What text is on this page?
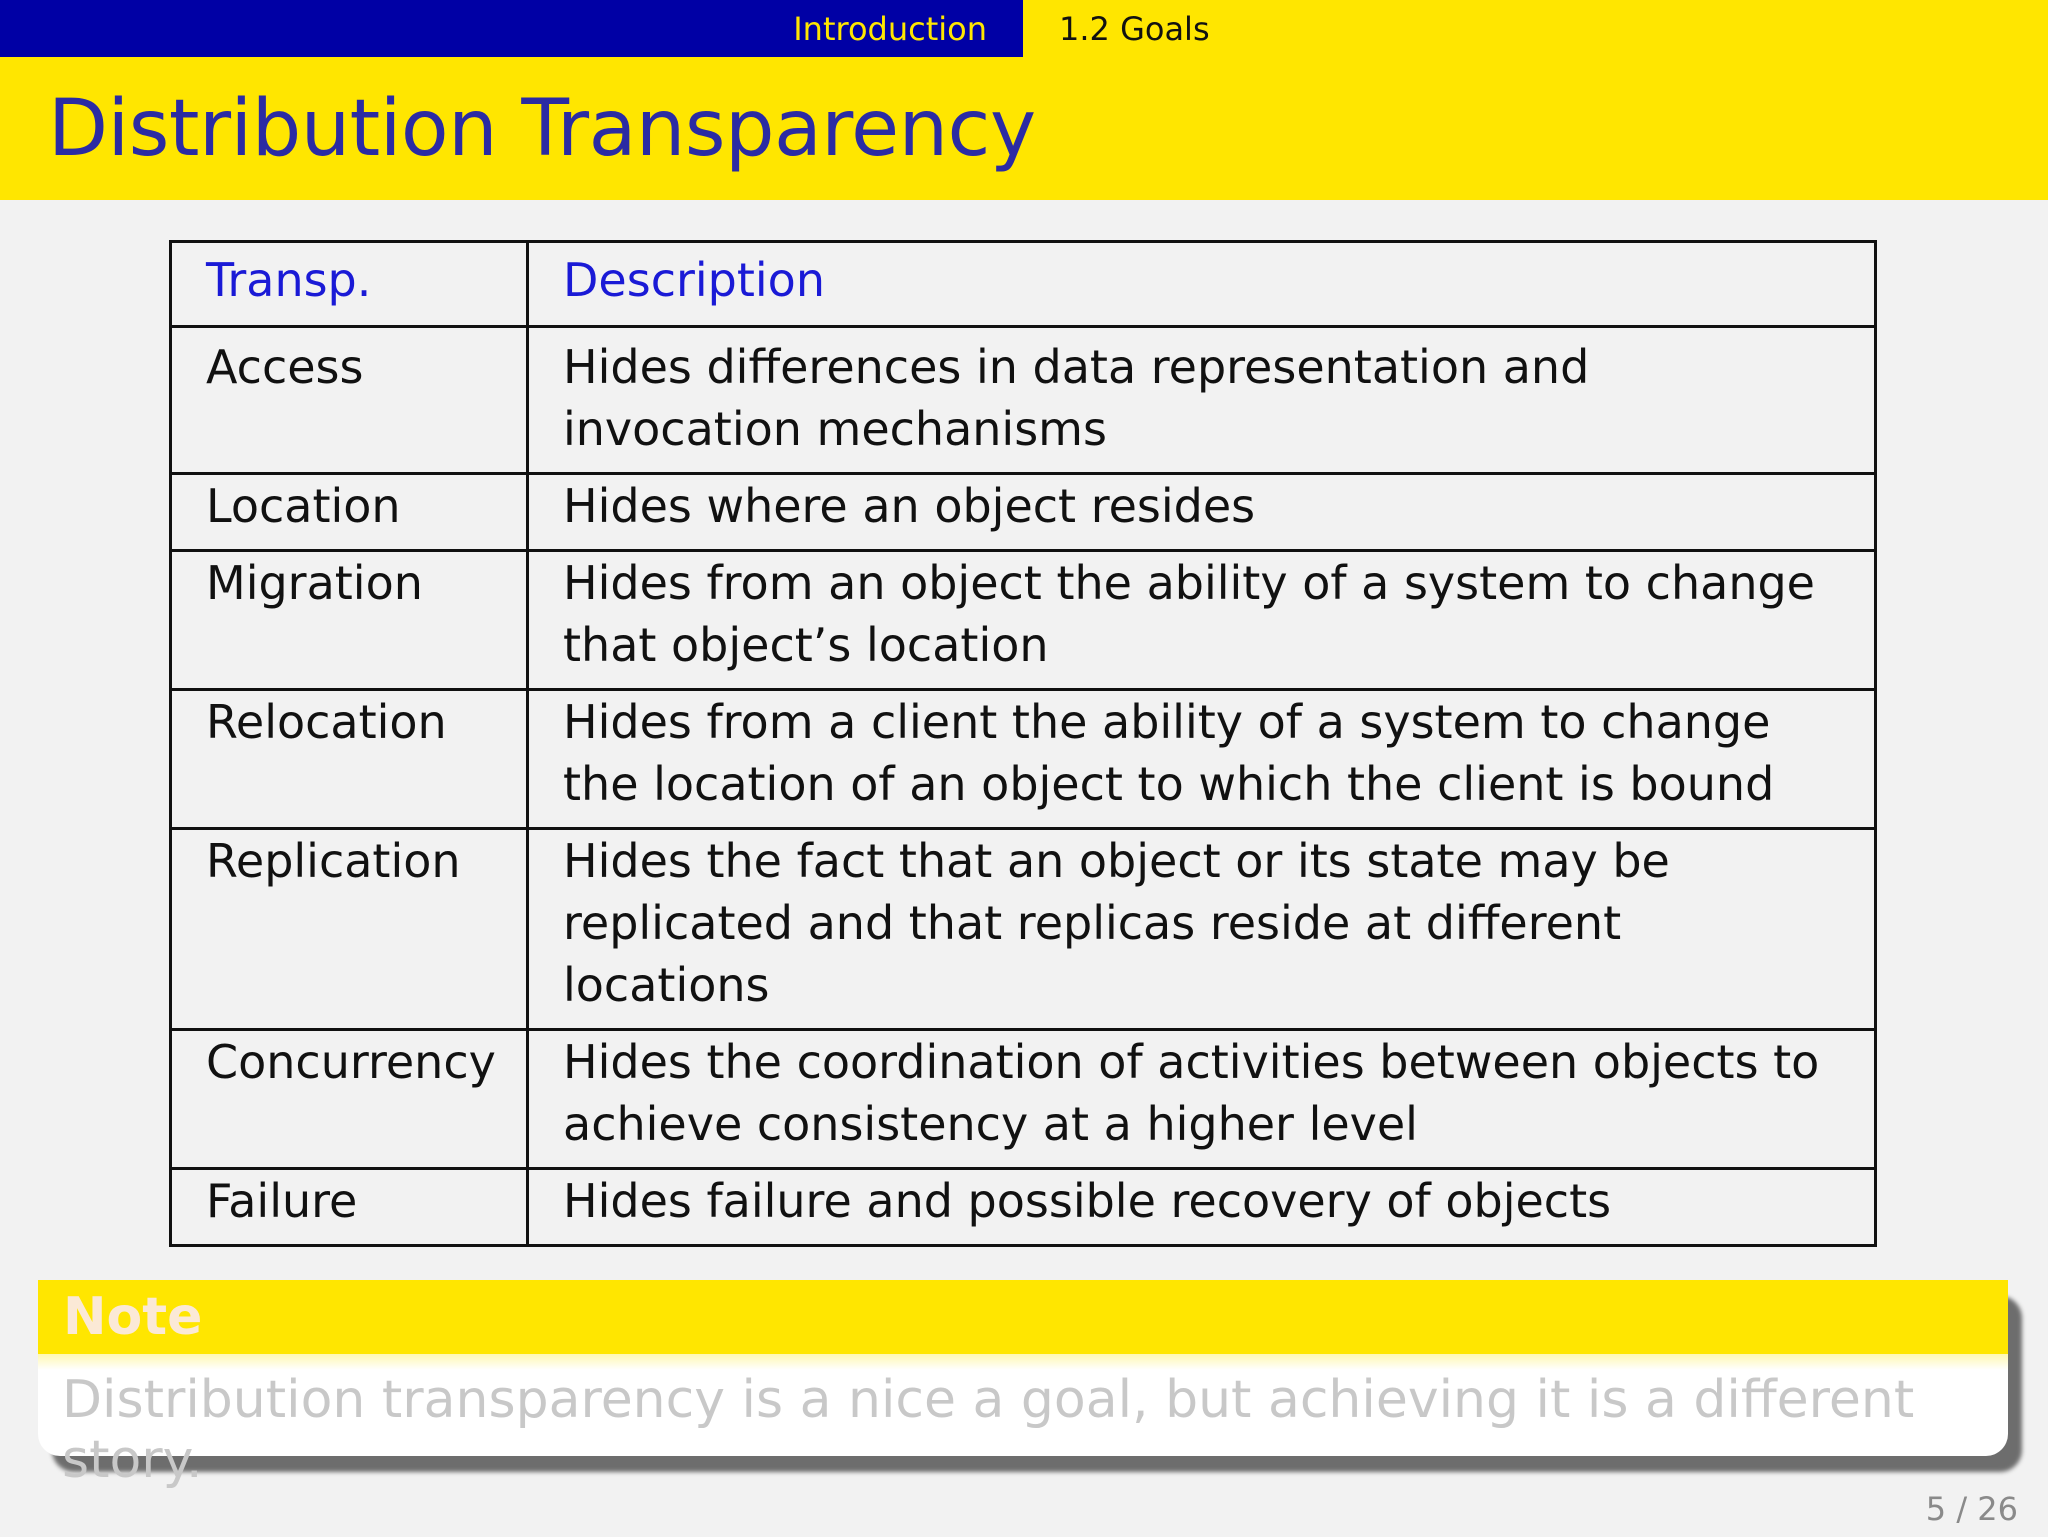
Introduction 1.2 Goals
Distribution Transparency
Transp.	Description
Access	Hides differences in data representation and invocation mechanisms
Location	Hides where an object resides
Migration	Hides from an object the ability of a system to change that object’s location
Relocation	Hides from a client the ability of a system to change the location of an object to which the client is bound
Replication	Hides the fact that an object or its state may be replicated and that replicas reside at different locations
Concurrency	Hides the coordination of activities between objects to achieve consistency at a higher level
Failure	Hides failure and possible recovery of objects
Note
Distribution transparency is a nice a goal, but achieving it is a different story.
5 / 26
